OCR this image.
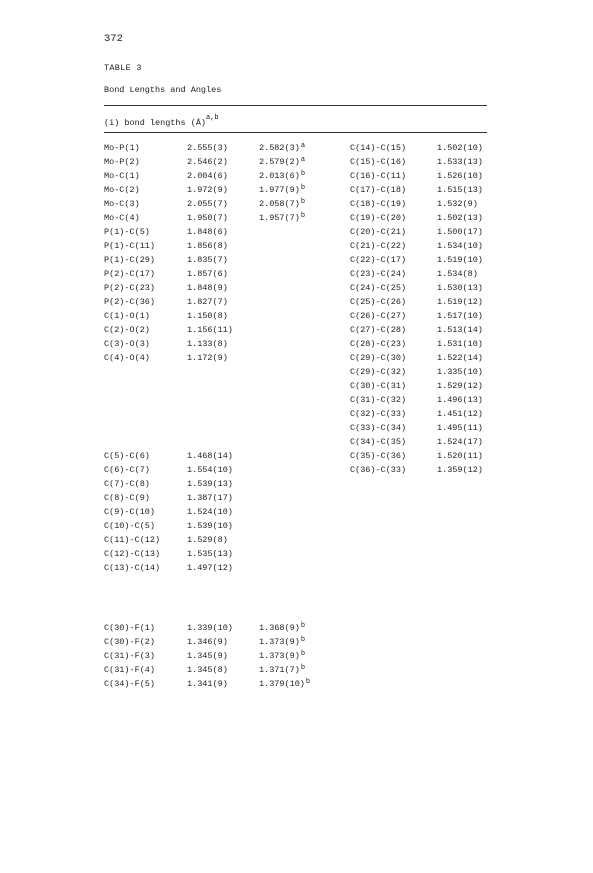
372
TABLE 3
Bond Lengths and Angles
(i) bond lengths (Å)$^{a,b}$
Mo-P(1)
Mo-P(2)
Mo-C(1)
Mo-C(2)
Mo-C(3)
Mo-C(4)
P(1)-C(5)
P(1)-C(11)
P(1)-C(29)
P(2)-C(17)
P(2)-C(23)
P(2)-C(36)
C(1)-O(1)
C(2)-O(2)
C(3)-O(3)
C(4)-O(4)
2.555(3)
2.546(2)
2.004(6)
1.972(9)
2.055(7)
1.950(7)
1.848(6)
1.856(8)
1.835(7)
1.857(6)
1.848(9)
1.827(7)
1.150(8)
1.156(11)
1.133(8)
1.172(9)
2.582(3)$^a$
2.579(2)$^a$
2.013(6)$^b$
1.977(9)$^b$
2.058(7)$^b$
1.957(7)$^b$
C(5)-C(6)
C(6)-C(7)
C(7)-C(8)
C(8)-C(9)
C(9)-C(10)
C(10)-C(5)
C(11)-C(12)
C(12)-C(13)
C(13)-C(14)
1.468(14)
1.554(10)
1.539(13)
1.387(17)
1.524(10)
1.539(10)
1.529(8)
1.535(13)
1.497(12)
C(30)-F(1)
C(30)-F(2)
C(31)-F(3)
C(31)-F(4)
C(34)-F(5)
1.339(10)
1.346(9)
1.345(9)
1.345(8)
1.341(9)
1.368(9)$^b$
1.373(9)$^b$
1.373(9)$^b$
1.371(7)$^b$
1.379(10)$^b$
C(14)-C(15)
C(15)-C(16)
C(16)-C(11)
C(17)-C(18)
C(18)-C(19)
C(19)-C(20)
C(20)-C(21)
C(21)-C(22)
C(22)-C(17)
C(23)-C(24)
C(24)-C(25)
C(25)-C(26)
C(26)-C(27)
C(27)-C(28)
C(28)-C(23)
C(29)-C(30)
C(29)-C(32)
C(30)-C(31)
C(31)-C(32)
C(32)-C(33)
C(33)-C(34)
C(34)-C(35)
C(35)-C(36)
C(36)-C(33)
1.502(10)
1.533(13)
1.526(10)
1.515(13)
1.532(9)
1.502(13)
1.500(17)
1.534(10)
1.519(10)
1.534(8)
1.530(13)
1.519(12)
1.517(10)
1.513(14)
1.531(10)
1.522(14)
1.335(10)
1.529(12)
1.496(13)
1.451(12)
1.495(11)
1.524(17)
1.520(11)
1.359(12)
